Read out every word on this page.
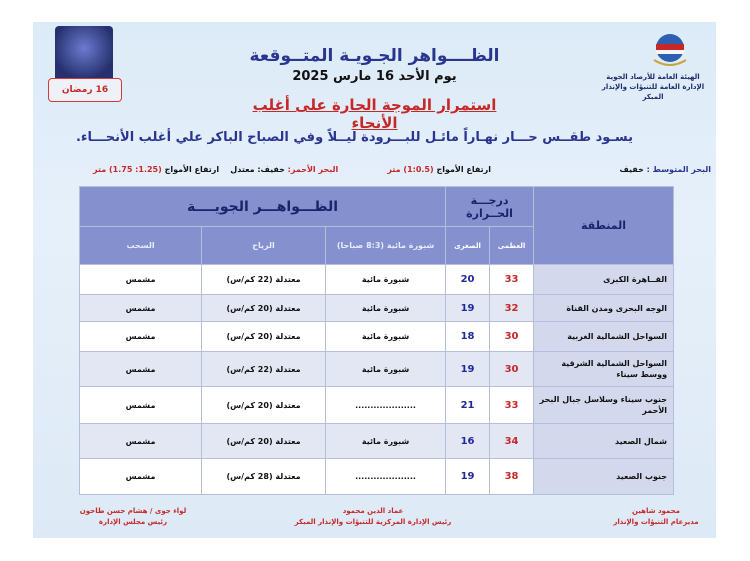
الهيئة العامة للأرصاد الجوية
الإدارة العامة للتنبؤات والإنذار المبكر
16 رمضان
الظــــواهر الجـويـة المتــوقعة
يوم الأحد 16 مارس 2025
استمرار الموجة الحارة على أغلب الأنحاء
يسـود طقــس حـــار نهـاراً مائـل للبـــرودة ليــلاً وفي الصباح الباكر علي أغلب الأنحـــاء.
البحر المتوسط : خفيف
ارتفاع الأمواج (1:0.5) متر
البحر الأحمر: خفيف: معتدل    ارتفاع الأمواج (1.25: 1.75) متر
المنطقة	درجـــة الحــرارة		الظـــواهـــر الجويــــة		
	العظمى	الصغرى	شبورة مائية (8:3 صباحا)	الرياح	السحب
القــاهرة الكبرى	33	20	شبورة مائية	معتدلة (22 كم/س)	مشمس
الوجه البحرى ومدن القناة	32	19	شبورة مائية	معتدلة (20 كم/س)	مشمس
السواحل الشمالية الغربية	30	18	شبورة مائية	معتدلة (20 كم/س)	مشمس
السواحل الشمالية الشرقية ووسط سيناء	30	19	شبورة مائية	معتدلة (22 كم/س)	مشمس
جنوب سيناء وسلاسل جبال البحر الأحمر	33	21	....................	معتدلة (20 كم/س)	مشمس
شمال الصعيد	34	16	شبورة مائية	معتدلة (20 كم/س)	مشمس
جنوب الصعيد	38	19	....................	معتدلة (28 كم/س)	مشمس
محمود شاهين
مديرعام التنبؤات والإنذار
عماد الدين محمود
رئيس الإدارة المركزية للتنبؤات والإنذار المبكر
لواء جوى / هشام حسن طاحون
رئيس مجلس الإدارة
